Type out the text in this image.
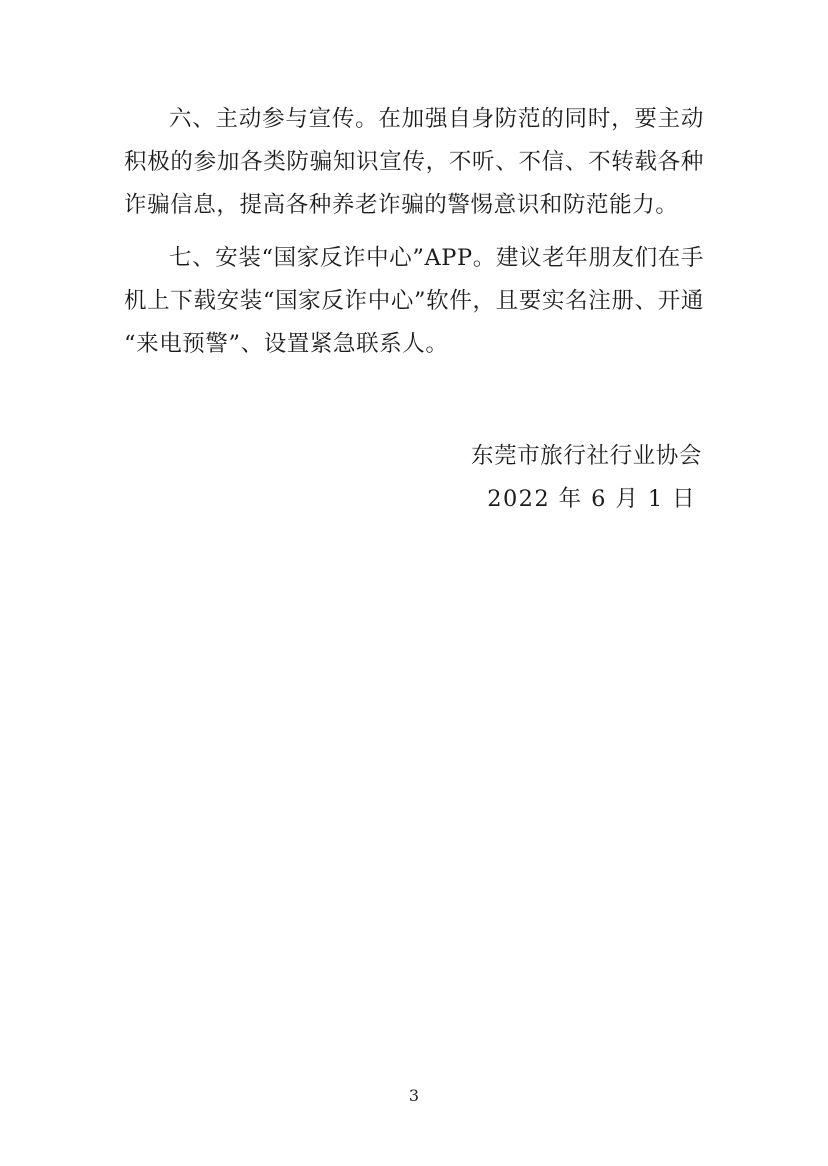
六、主动参与宣传。在加强自身防范的同时，要主动积极的参加各类防骗知识宣传，不听、不信、不转载各种诈骗信息，提高各种养老诈骗的警惕意识和防范能力。

七、安装“国家反诈中心”APP。建议老年朋友们在手机上下载安装“国家反诈中心”软件，且要实名注册、开通“来电预警”、设置紧急联系人。

东莞市旅行社行业协会
2022 年 6 月 1 日
3
